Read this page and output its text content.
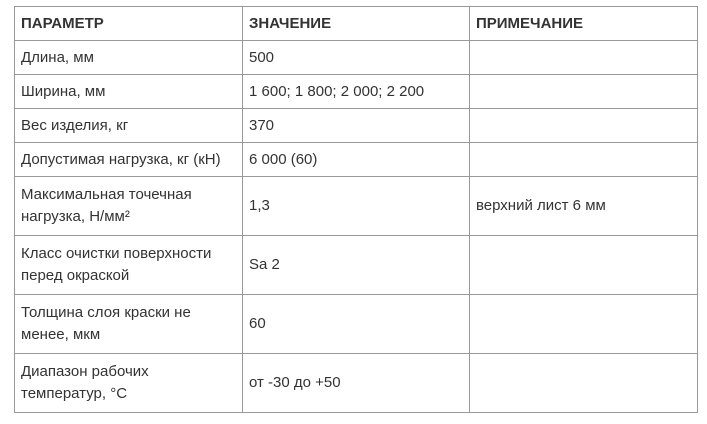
ПАРАМЕТР	ЗНАЧЕНИЕ	ПРИМЕЧАНИЕ
Длина, мм	500	
Ширина, мм	1 600; 1 800; 2 000; 2 200	
Вес изделия, кг	370	
Допустимая нагрузка, кг (кН)	6 000 (60)	
Максимальная точечная нагрузка, Н/мм²	1,3	верхний лист 6 мм
Класс очистки поверхности перед окраской	Sa 2	
Толщина слоя краски не менее, мкм	60	
Диапазон рабочих температур, °С	от -30 до +50	
